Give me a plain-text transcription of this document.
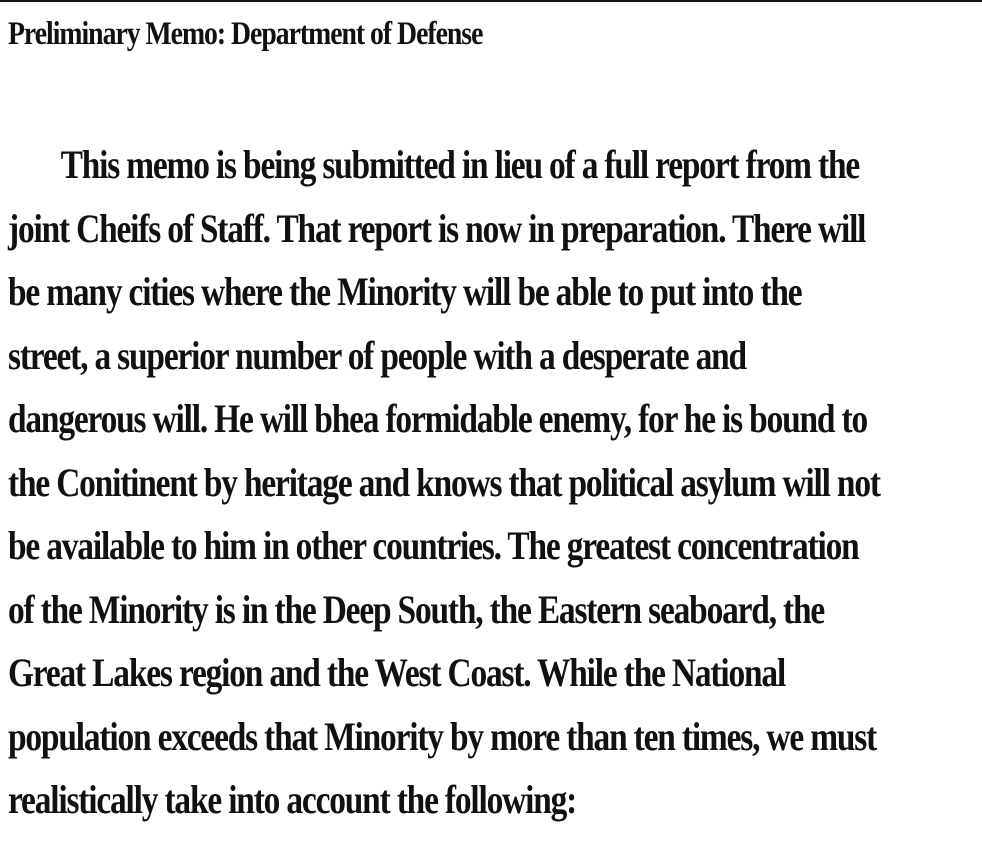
Preliminary Memo: Department of Defense
This memo is being submitted in lieu of a full report from the
joint Cheifs of Staff. That report is now in preparation. There will
be many cities where the Minority will be able to put into the
street, a superior number of people with a desperate and
dangerous will. He will bhea formidable enemy, for he is bound to
the Conitinent by heritage and knows that political asylum will not
be available to him in other countries. The greatest concentration
of the Minority is in the Deep South, the Eastern seaboard, the
Great Lakes region and the West Coast. While the National
population exceeds that Minority by more than ten times, we must
realistically take into account the following:
